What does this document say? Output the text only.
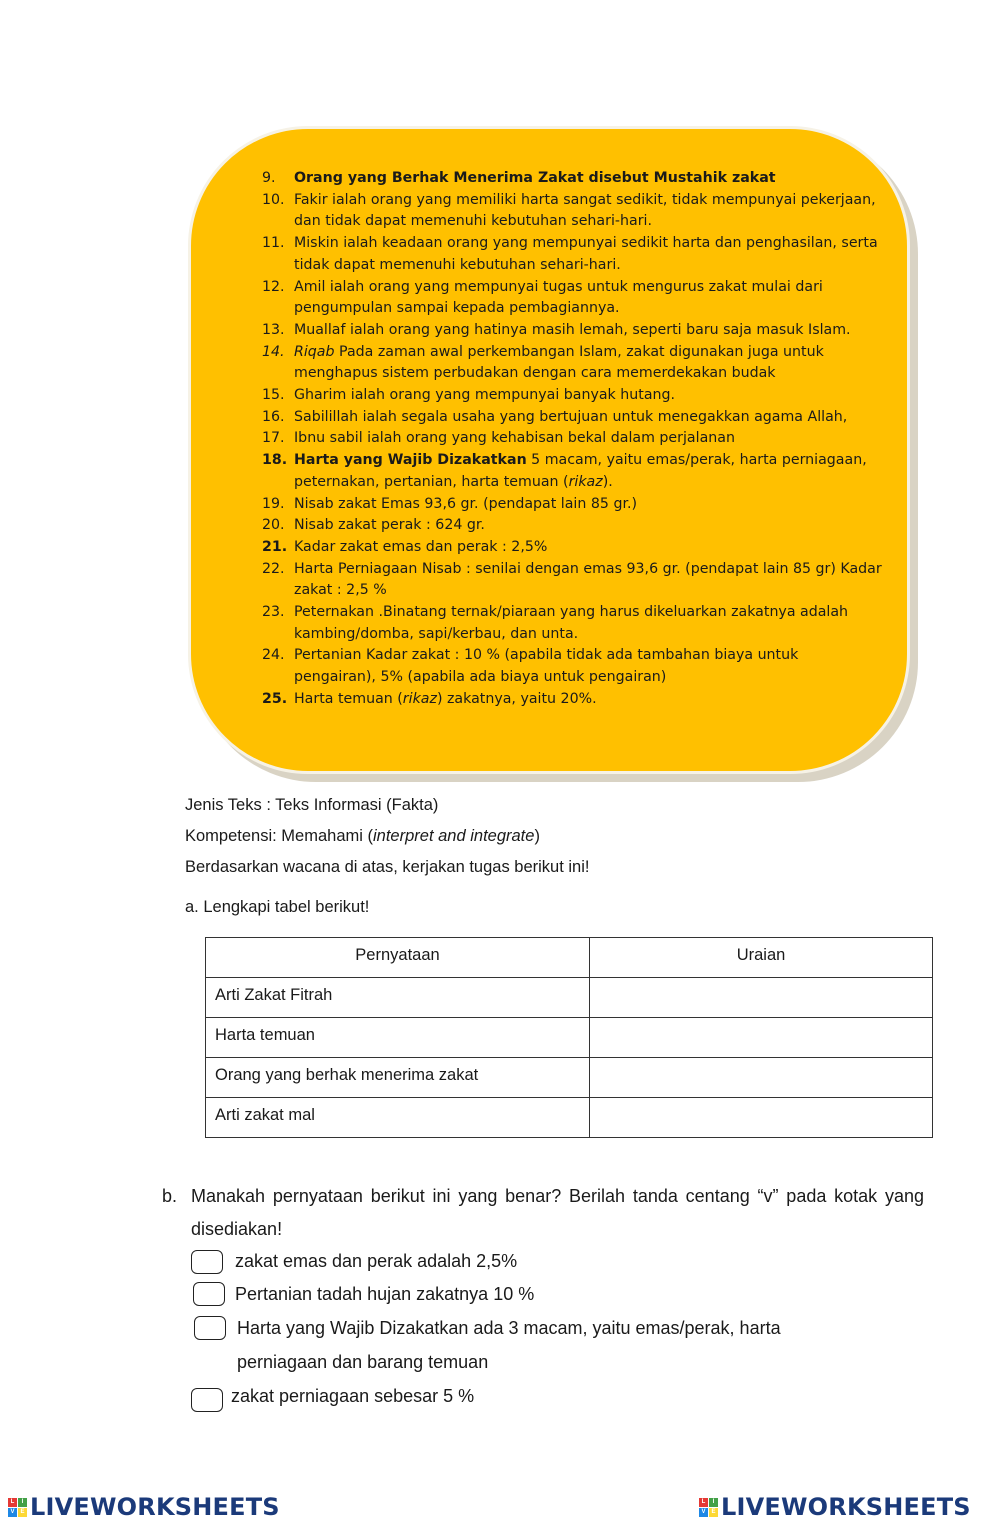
9. Orang yang Berhak Menerima Zakat disebut Mustahik zakat
10. Fakir ialah orang yang memiliki harta sangat sedikit, tidak mempunyai pekerjaan, dan tidak dapat memenuhi kebutuhan sehari-hari.
11. Miskin ialah keadaan orang yang mempunyai sedikit harta dan penghasilan, serta tidak dapat memenuhi kebutuhan sehari-hari.
12. Amil ialah orang yang mempunyai tugas untuk mengurus zakat mulai dari pengumpulan sampai kepada pembagiannya.
13. Muallaf ialah orang yang hatinya masih lemah, seperti baru saja masuk Islam.
14. Riqab Pada zaman awal perkembangan Islam, zakat digunakan juga untuk menghapus sistem perbudakan dengan cara memerdekakan budak
15. Gharim ialah orang yang mempunyai banyak hutang.
16. Sabilillah ialah segala usaha yang bertujuan untuk menegakkan agama Allah,
17. Ibnu sabil ialah orang yang kehabisan bekal dalam perjalanan
18. Harta yang Wajib Dizakatkan 5 macam, yaitu emas/perak, harta perniagaan, peternakan, pertanian, harta temuan (rikaz).
19. Nisab zakat Emas 93,6 gr. (pendapat lain 85 gr.)
20. Nisab zakat perak : 624 gr.
21. Kadar zakat emas dan perak : 2,5%
22. Harta Perniagaan Nisab : senilai dengan emas 93,6 gr. (pendapat lain 85 gr) Kadar zakat : 2,5 %
23. Peternakan .Binatang ternak/piaraan yang harus dikeluarkan zakatnya adalah kambing/domba, sapi/kerbau, dan unta.
24. Pertanian Kadar zakat : 10 % (apabila tidak ada tambahan biaya untuk pengairan), 5% (apabila ada biaya untuk pengairan)
25. Harta temuan (rikaz) zakatnya, yaitu 20%.
Jenis Teks : Teks Informasi (Fakta)
Kompetensi: Memahami (interpret and integrate)
Berdasarkan wacana di atas, kerjakan tugas berikut ini!
a. Lengkapi tabel berikut!
Pernyataan	Uraian
Arti Zakat Fitrah	
Harta temuan	
Orang yang berhak menerima zakat	
Arti zakat mal	
b. Manakah pernyataan berikut ini yang benar? Berilah tanda centang “v” pada kotak yang disediakan!
zakat emas dan perak adalah 2,5%
Pertanian tadah hujan zakatnya 10 %
Harta yang Wajib Dizakatkan ada 3 macam, yaitu emas/perak, harta
perniagaan dan barang temuan
zakat perniagaan sebesar 5 %
L	I
V E LIVEWORKSHEETS	L	I
V E LIVEWORKSHEETS
